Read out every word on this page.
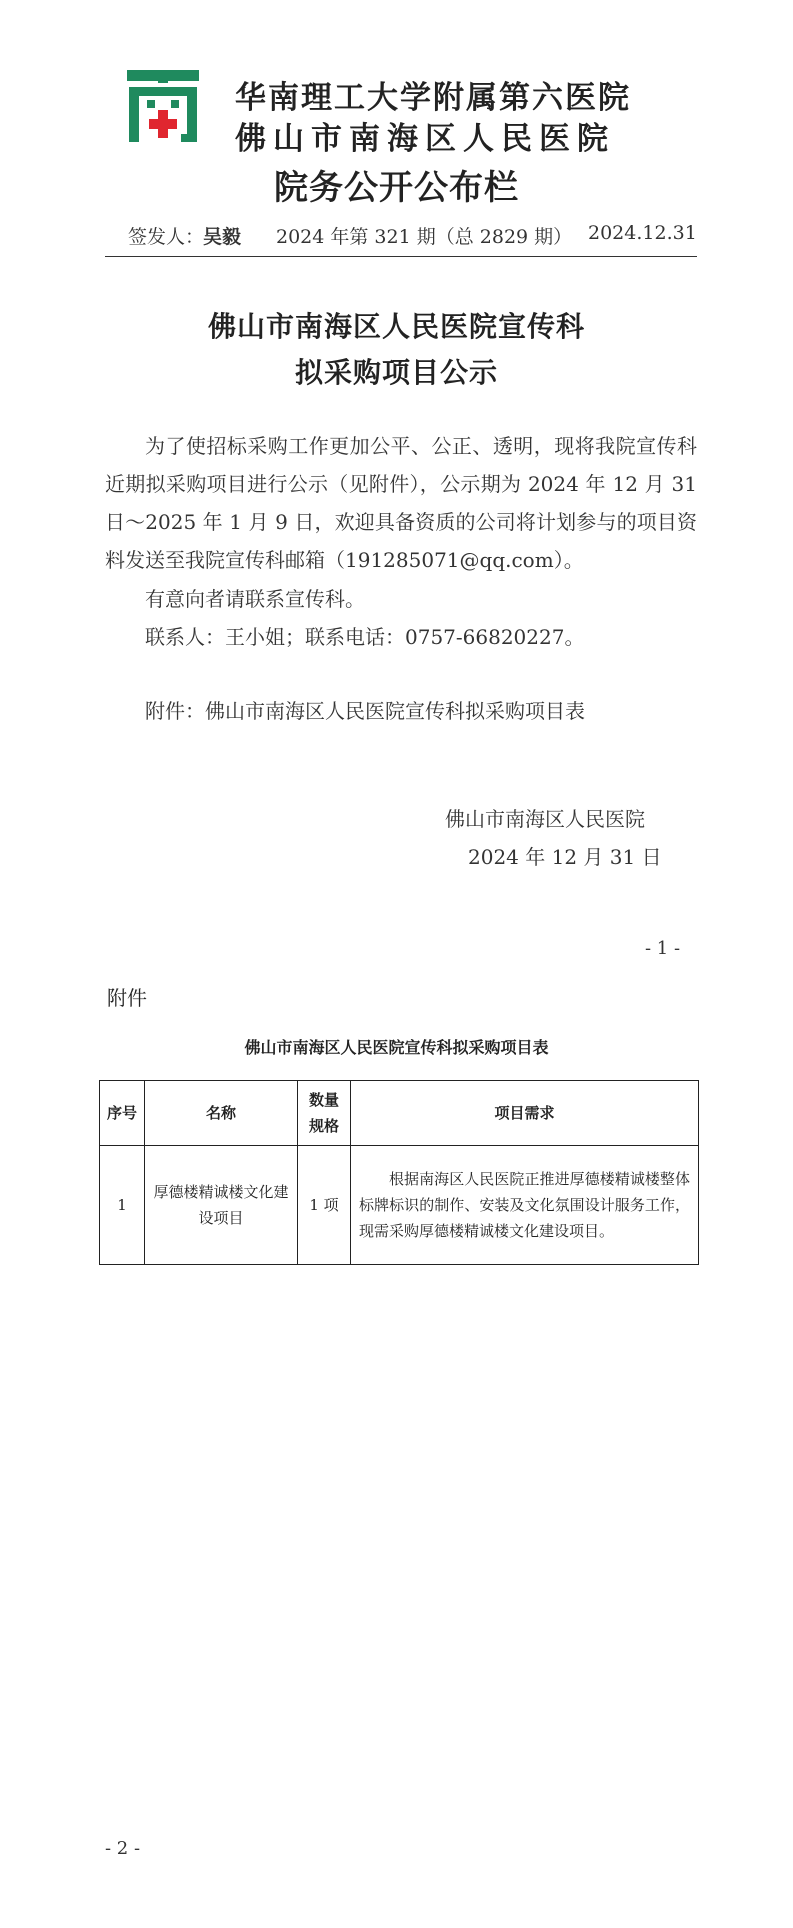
华南理工大学附属第六医院
佛山市南海区人民医院
院务公开公布栏
签发人：
吴毅 2024 年第 321 期（总 2829 期） 2024.12.31
佛山市南海区人民医院宣传科
拟采购项目公示
为了使招标采购工作更加公平、公正、透明，现将我院宣传科近期拟采购项目进行公示（见附件），公示期为 2024 年 12 月 31 日～2025 年 1 月 9 日，欢迎具备资质的公司将计划参与的项目资料发送至我院宣传科邮箱（191285071@qq.com）。
有意向者请联系宣传科。
联系人：王小姐；联系电话：0757-66820227。
附件：佛山市南海区人民医院宣传科拟采购项目表
佛山市南海区人民医院
2024 年 12 月 31 日
- 1 -
附件
佛山市南海区人民医院宣传科拟采购项目表
序号	名称	数量规格	项目需求
1	厚德楼精诚楼文化建设项目	1 项	根据南海区人民医院正推进厚德楼精诚楼整体标牌标识的制作、安装及文化氛围设计服务工作，现需采购厚德楼精诚楼文化建设项目。
- 2 -
